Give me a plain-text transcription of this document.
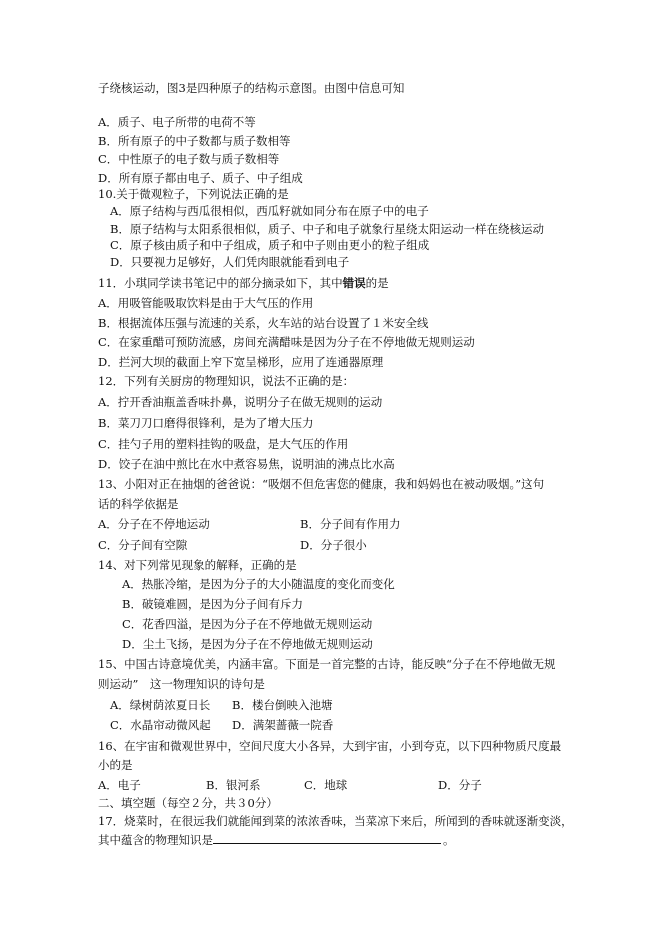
子绕核运动，图3是四种原子的结构示意图。由图中信息可知
A．质子、电子所带的电荷不等
B．所有原子的中子数都与质子数相等
C．中性原子的电子数与质子数相等
D．所有原子都由电子、质子、中子组成
10.关于微观粒子，下列说法正确的是
A．原子结构与西瓜很相似，西瓜籽就如同分布在原子中的电子
B．原子结构与太阳系很相似，质子、中子和电子就象行星绕太阳运动一样在绕核运动
C．原子核由质子和中子组成，质子和中子则由更小的粒子组成
D．只要视力足够好，人们凭肉眼就能看到电子
11．小琪同学读书笔记中的部分摘录如下，其中错误的是
A．用吸管能吸取饮料是由于大气压的作用
B．根据流体压强与流速的关系，火车站的站台设置了１米安全线
C．在家重醋可预防流感，房间充满醋味是因为分子在不停地做无规则运动
D．拦河大坝的截面上窄下宽呈梯形，应用了连通器原理
12．下列有关厨房的物理知识，说法不正确的是：
A．拧开香油瓶盖香味扑鼻，说明分子在做无规则的运动
B．菜刀刀口磨得很锋利，是为了增大压力
C．挂勺子用的塑料挂钩的吸盘，是大气压的作用
D．饺子在油中煎比在水中煮容易焦，说明油的沸点比水高
13、小阳对正在抽烟的爸爸说：“吸烟不但危害您的健康，我和妈妈也在被动吸烟。”这句
话的科学依据是
A．分子在不停地运动	B．分子间有作用力
C．分子间有空隙	D．分子很小
14、对下列常见现象的解释，正确的是
A．热胀冷缩，是因为分子的大小随温度的变化而变化
B．破镜难圆，是因为分子间有斥力
C．花香四溢，是因为分子在不停地做无规则运动
D．尘土飞扬，是因为分子在不停地做无规则运动
15、中国古诗意境优美，内涵丰富。下面是一首完整的古诗，能反映“分子在不停地做无规
则运动”　这一物理知识的诗句是
A．绿树荫浓夏日长 B．楼台倒映入池塘
C．水晶帘动微风起 D．满架蔷薇一院香
16、在宇宙和微观世界中，空间尺度大小各异，大到宇宙，小到夸克，以下四种物质尺度最
小的是
A．电子	B．银河系	C．地球	D．分子
二、填空题（每空２分，共３0分）
17．烧菜时，在很远我们就能闻到菜的浓浓香味，当菜凉下来后，所闻到的香味就逐渐变淡，
其中蕴含的物理知识是	。
